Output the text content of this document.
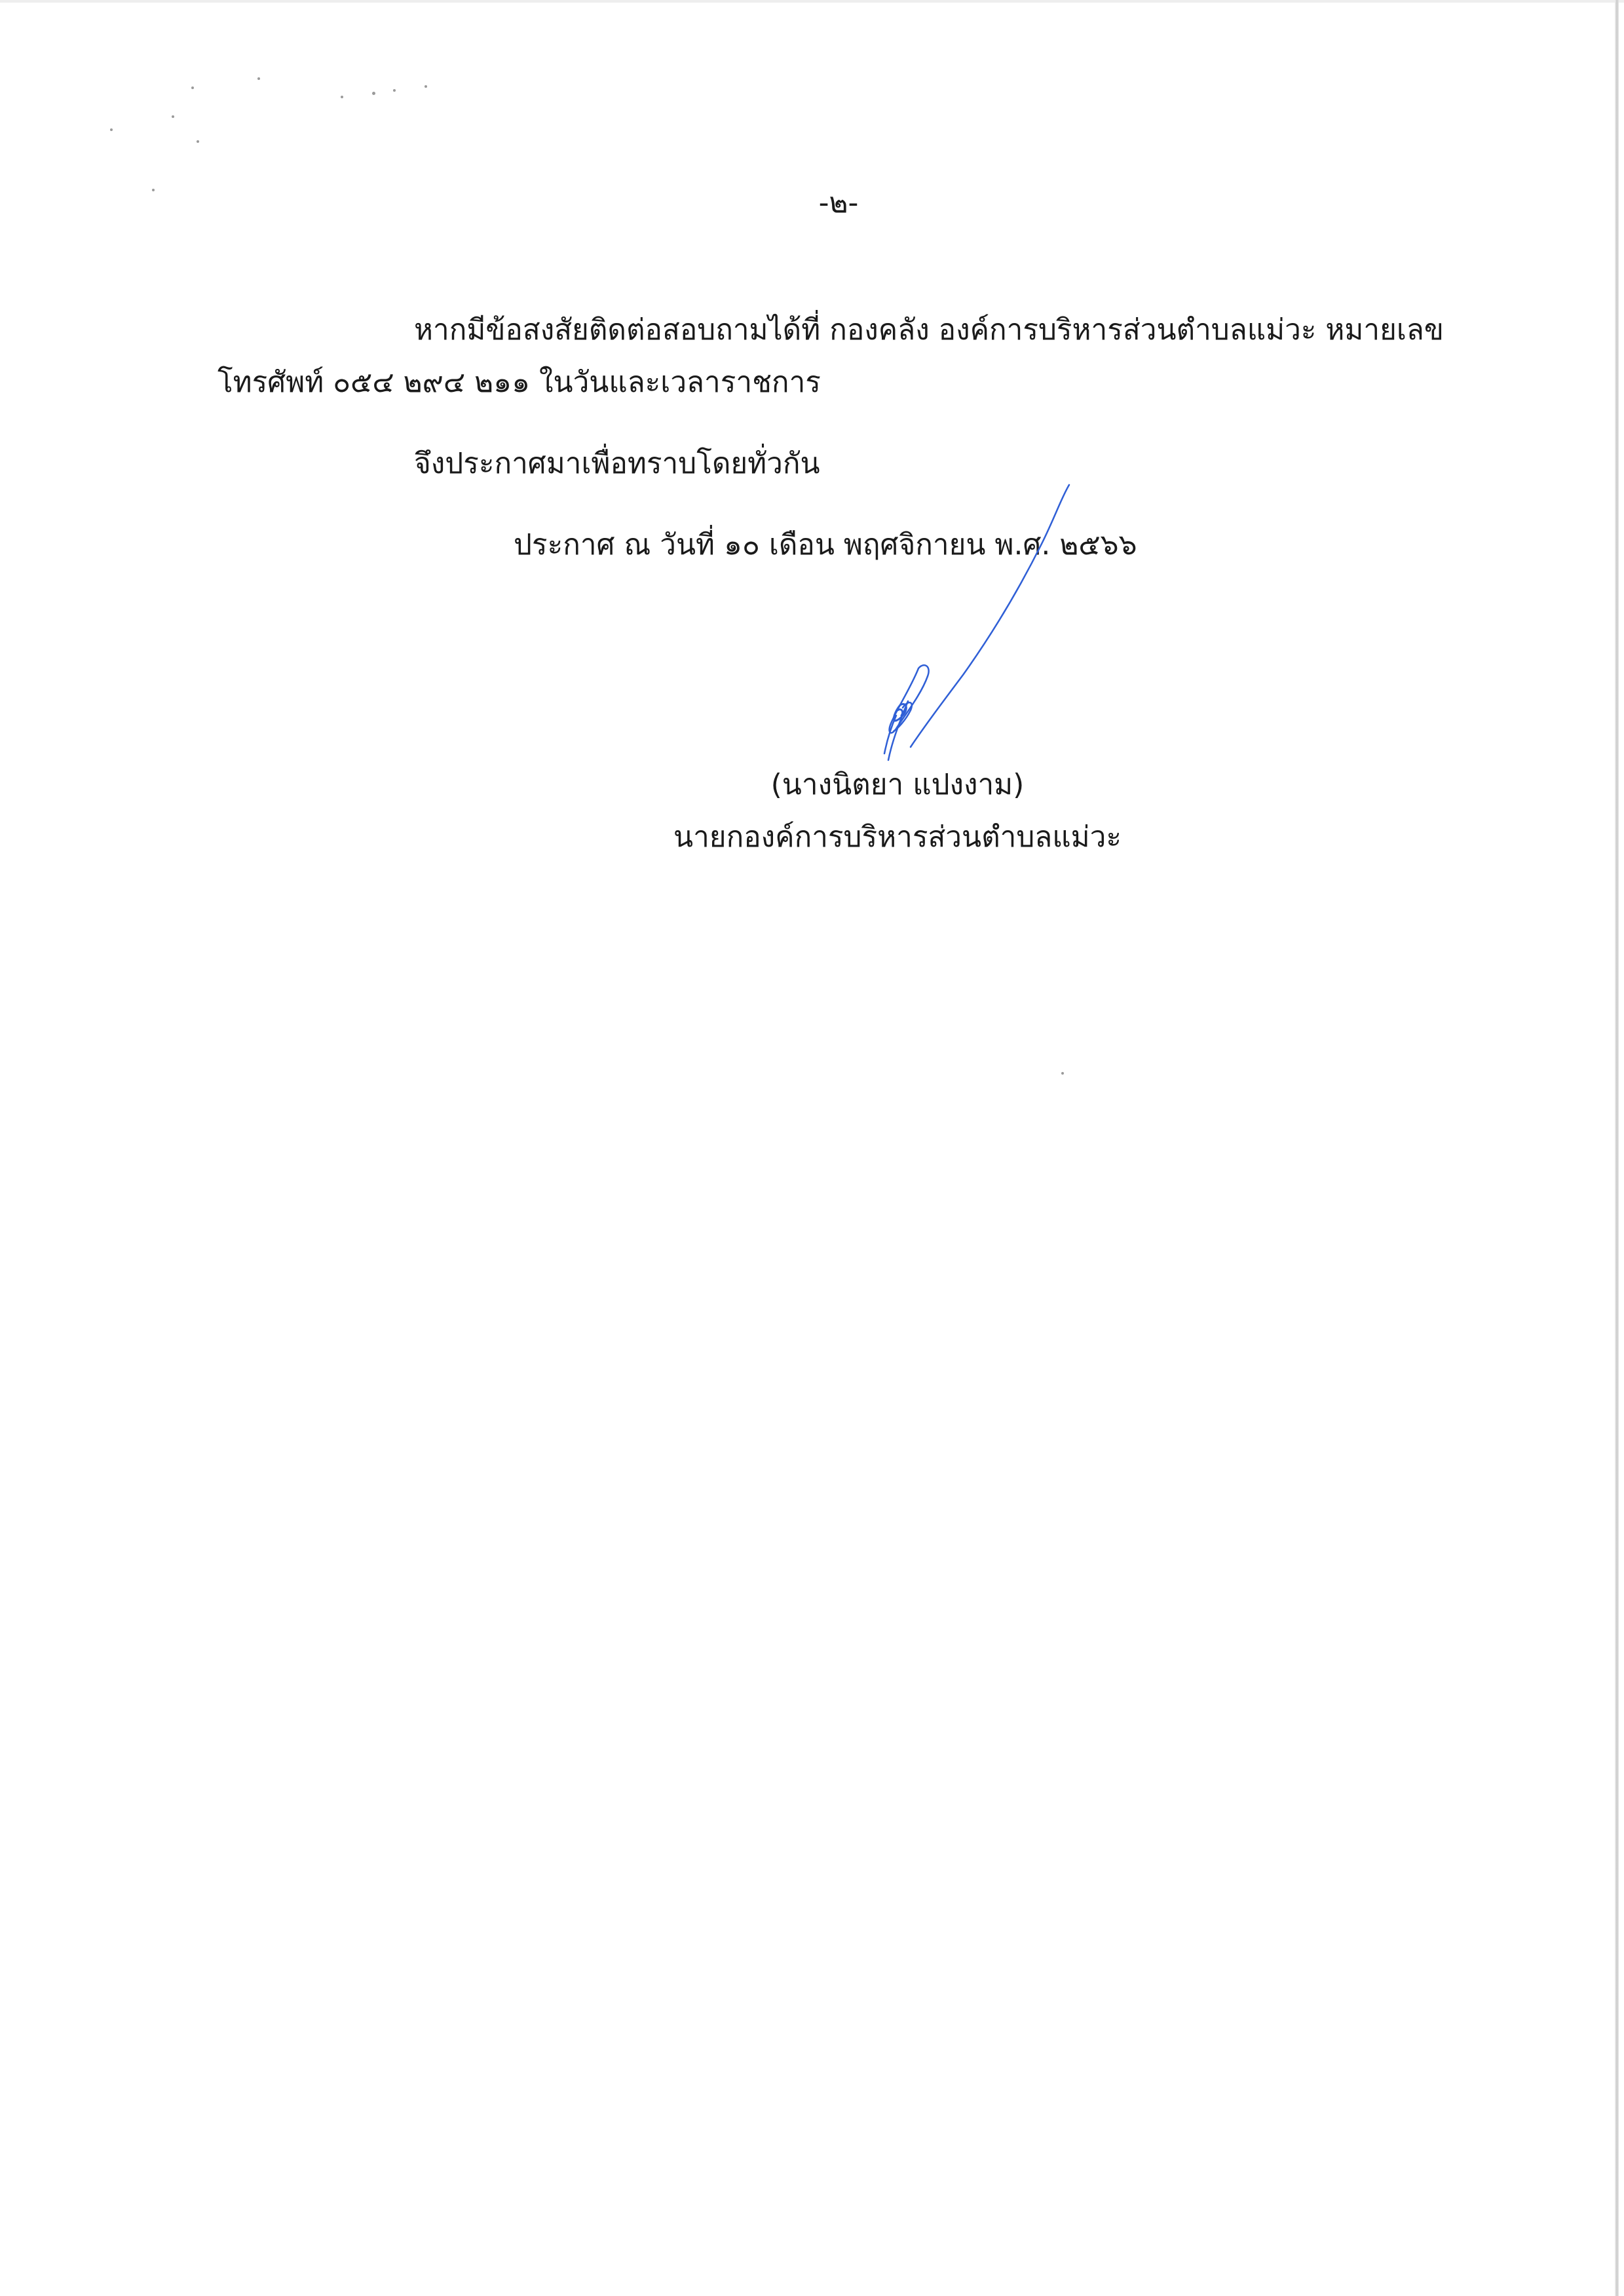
-๒-
หากมีข้อสงสัยติดต่อสอบถามได้ที่ กองคลัง องค์การบริหารส่วนตำบลแม่วะ หมายเลข
โทรศัพท์ ๐๕๔ ๒๙๔ ๒๑๑ ในวันและเวลาราชการ
จึงประกาศมาเพื่อทราบโดยทั่วกัน
ประกาศ ณ วันที่ ๑๐ เดือน พฤศจิกายน พ.ศ. ๒๕๖๖
(นางนิตยา แปงงาม)
นายกองค์การบริหารส่วนตำบลแม่วะ
